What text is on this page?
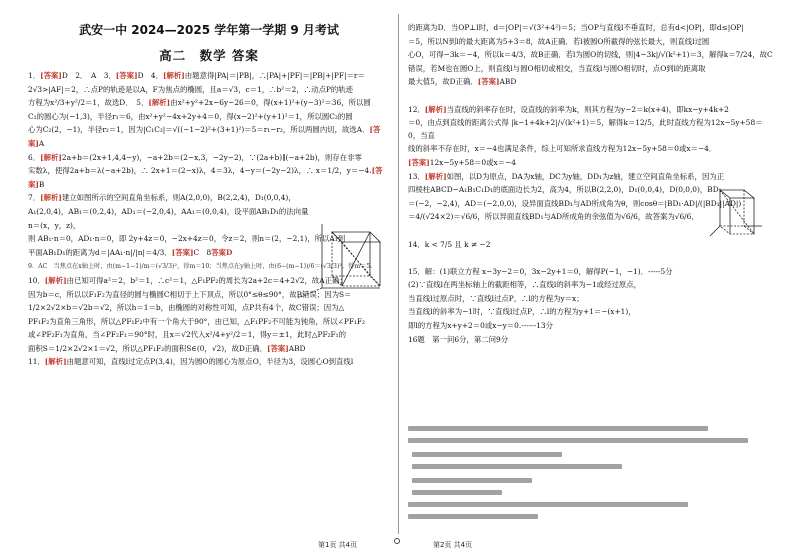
武安一中 2024—2025 学年第一学期 9 月考试
高二　数学 答案
1．[答案]D　2．　A　3．[答案]D　4．[解析]由题意得|PA|＝|PB|，∴|PA|+|PF|＝|PB|+|PF|＝r＝
2√3>|AF|＝2，∴点P的轨迹是以A，F为焦点的椭圆，且a＝√3，c＝1，∴b²＝2，∴动点P的轨迹
方程为x²/3+y²/2＝1，故选D．　5．[解析]由x²+y²+2x−6y−26＝0，得(x+1)²+(y−3)²＝36，所以圆
C₁的圆心为(−1,3)，半径r₁＝6，由x²+y²−4x+2y+4＝0，得(x−2)²+(y+1)²＝1，所以圆C₂的圆
心为C₂(2，−1)，半径r₂＝1，因为|C₁C₂|＝√((−1−2)²+(3+1)²)＝5＝r₁−r₂，所以两圆内切，故选A．[答
案]A
6．[解析]2a+b＝(2x+1,4,4−y)，−a+2b＝(2−x,3，−2y−2)，∵(2a+b)∥(−a+2b)，则存在非零
实数λ，使得2a+b＝λ(−a+2b)，∴ 2x+1＝(2−x)λ，4＝3λ，4−y＝(−2y−2)λ，∴ x＝1/2，y＝−4.[答
案]B
7．[解析]建立如图所示的空间直角坐标系，则A(2,0,0)，B(2,2,4)，D₁(0,0,4)，
A₁(2,0,4)，AB₁＝(0,2,4)，AD₁＝(−2,0,4)，AA₁＝(0,0,4)，设平面AB₁D₁的法向量
n＝(x，y，z)，
则 AB₁·n＝0，AD₁·n＝0，即 2y+4z＝0，−2x+4z＝0，令z＝2，则n＝(2，−2,1)，所以A₁到
平面AB₁D₁的距离为d＝|AA₁·n|/|n|＝4/3．[答案]C　8答案D
9．AC　当焦点在x轴上时，由(m−1−1)/m＝(√3/3)²，得m＝10；当焦点在y轴上时，由(6−(m−1))/6＝(√3/3)²，得m＝5．
10．[解析]由已知可得a²＝2，b²＝1，∴c²＝1，△F₁PF₂的周长为2a+2c＝4+2√2，故A正确；
因为b＝c，所以以F₁F₂为直径的圆与椭圆C相切于上下顶点，所以0°≤θ≤90°，故B错误；因为S＝
1/2×2√2×b＝√2b＝√2，所以h＝1＝b，由椭圆的对称性可知，点P共有4个，故C错误；因为△
PF₁F₂为直角三角形，所以△PF₁F₂中有一个角大于90°，由已知，△F₁PF₂不可能为钝角，所以∠PF₁F₂
或∠PF₂F₁为直角，当∠PF₂F₁＝90°时，且x＝√2代入x²/4+y²/2＝1，得y＝±1，此时△PF₂F₁的
面积S＝1/2×2√2×1＝√2，所以△PF₁F₂的面积S∈(0，√2)，故D正确．[答案]ABD
11．[解析]由题意可知，直线l过定点P(3,4)，因为圆O的圆心为原点O，半径为3，设圆心O到直线l
的距离为D．当OP⊥l时，d＝|OP|＝√(3²+4²)＝5；当OP与直线l不垂直时，总有d<|OP|，即d≤|OP|
＝5，所以N到l的最大距离为5+3＝8，故A正确．若l被圆O所截得的弦长最大，则直线l过圆
心O，可得−3k＝−4，所以k＝4/3，故B正确．若l为圆O的切线，则|4−3k|/√(k²+1)＝3，解得k＝7/24，故C
错误，若M也在圆O上，则直线l与圆O相切或相交，当直线l与圆O相切时，点O到l的距离取
最大值5，故D正确．[答案]ABD

12．[解析]当直线的斜率存在时，设直线的斜率为k，则其方程为y−2＝k(x+4)，即kx−y+4k+2
＝0，由点到直线的距离公式得 |k−1+4k+2|/√(k²+1)＝5，解得k＝12/5，此时直线方程为12x−5y+58＝0，当直
线的斜率不存在时，x＝−4也满足条件，综上可知所求直线方程为12x−5y+58＝0或x＝−4．
[答案]12x−5y+58＝0或x＝−4
13．[解析]如图，以D为原点，DA为x轴，DC为y轴，DD₁为z轴，建立空间直角坐标系，因为正
四棱柱ABCD−A₁B₁C₁D₁的底面边长为2，高为4，所以B(2,2,0)，D₁(0,0,4)，D(0,0,0)，BD₁
＝(−2，−2,4)，AD＝(−2,0,0)，设异面直线BD₁与AD所成角为θ，则cosθ＝|BD₁·AD|/(|BD₁||AD|)
＝4/(√24×2)＝√6/6，所以异面直线BD₁与AD所成角的余弦值为√6/6，故答案为√6/6．

14．k < 7/5 且 k ≠ −2

15．解：(1)联立方程 x−3y−2＝0，3x−2y+1＝0，解得P(−1，−1)．-----5分
(2)∵直线l在两坐标轴上的截距相等，∴直线l的斜率为−1或经过原点，
当直线l过原点时，∵直线l过点P，∴l的方程为y＝x；
当直线l的斜率为−1时，∵直线l过点P，∴l的方程为y+1＝−(x+1)，
即l的方程为x+y+2＝0或x−y＝0.------13分
16题　第一问6分，第二问9分
第1页 共4页	第2页 共4页
